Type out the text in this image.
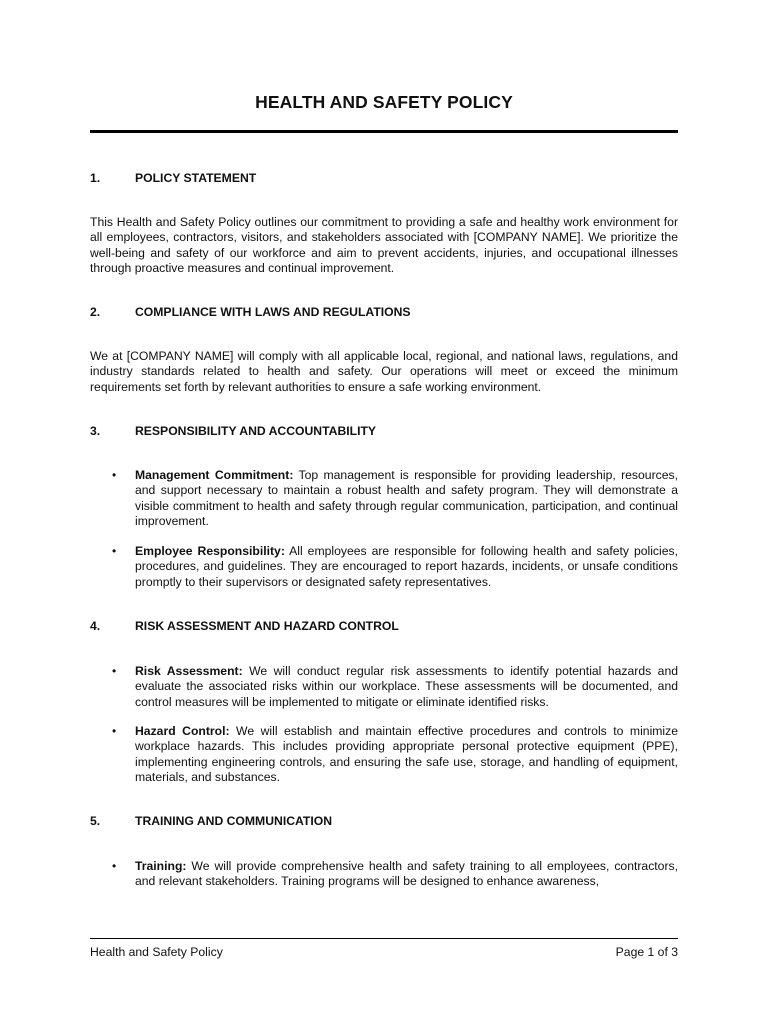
HEALTH AND SAFETY POLICY
1.	POLICY STATEMENT
This Health and Safety Policy outlines our commitment to providing a safe and healthy work environment for all employees, contractors, visitors, and stakeholders associated with [COMPANY NAME]. We prioritize the well-being and safety of our workforce and aim to prevent accidents, injuries, and occupational illnesses through proactive measures and continual improvement.
2.	COMPLIANCE WITH LAWS AND REGULATIONS
We at [COMPANY NAME] will comply with all applicable local, regional, and national laws, regulations, and industry standards related to health and safety. Our operations will meet or exceed the minimum requirements set forth by relevant authorities to ensure a safe working environment.
3.	RESPONSIBILITY AND ACCOUNTABILITY
• Management Commitment: Top management is responsible for providing leadership, resources, and support necessary to maintain a robust health and safety program. They will demonstrate a visible commitment to health and safety through regular communication, participation, and continual improvement.
• Employee Responsibility: All employees are responsible for following health and safety policies, procedures, and guidelines. They are encouraged to report hazards, incidents, or unsafe conditions promptly to their supervisors or designated safety representatives.
4.	RISK ASSESSMENT AND HAZARD CONTROL
• Risk Assessment: We will conduct regular risk assessments to identify potential hazards and evaluate the associated risks within our workplace. These assessments will be documented, and control measures will be implemented to mitigate or eliminate identified risks.
• Hazard Control: We will establish and maintain effective procedures and controls to minimize workplace hazards. This includes providing appropriate personal protective equipment (PPE), implementing engineering controls, and ensuring the safe use, storage, and handling of equipment, materials, and substances.
5.	TRAINING AND COMMUNICATION
• Training: We will provide comprehensive health and safety training to all employees, contractors, and relevant stakeholders. Training programs will be designed to enhance awareness,
Health and Safety Policy	Page 1 of 3
